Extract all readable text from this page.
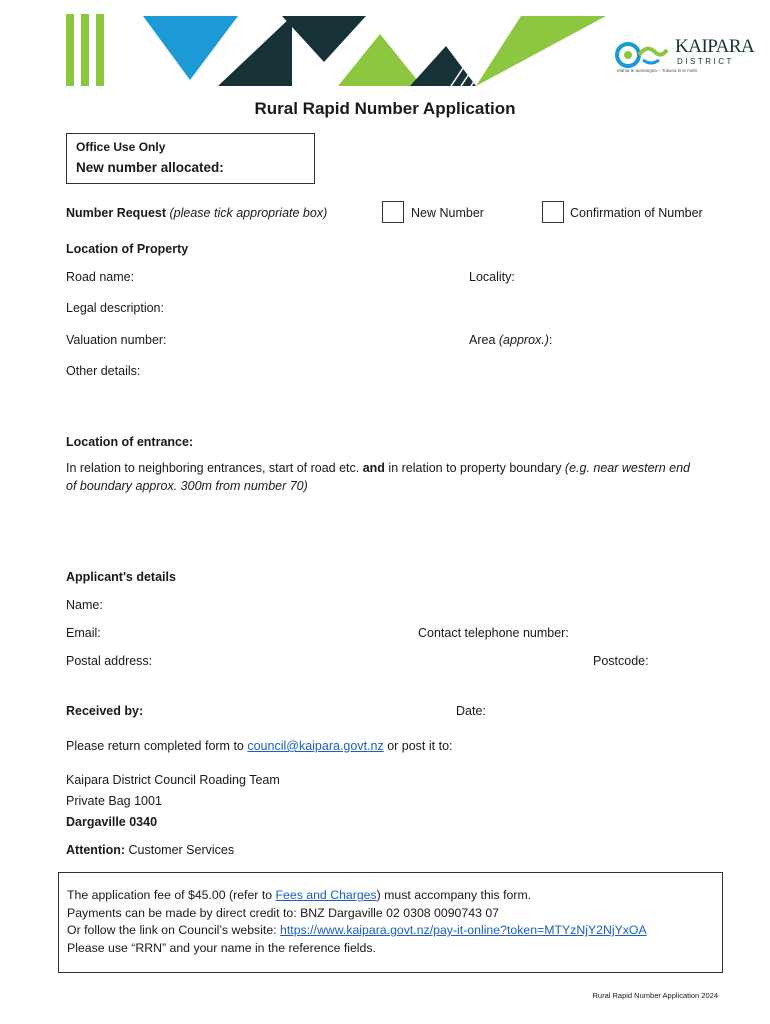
KAIPARA
DISTRICT
Mahia te aumangea – Tukuna ki te mahi
Rural Rapid Number Application
Office Use Only
New number allocated:
Number Request (please tick appropriate box)	New Number	Confirmation of Number
Location of Property
Road name:	Locality:
Legal description:
Valuation number:	Area (approx.):
Other details:
Location of entrance:
In relation to neighboring entrances, start of road etc. and in relation to property boundary (e.g. near western end
of boundary approx. 300m from number 70)
Applicant's details
Name:
Email:	Contact telephone number:
Postal address:	Postcode:
Received by:	Date:
Please return completed form to council@kaipara.govt.nz or post it to:
Kaipara District Council Roading Team
Private Bag 1001
Dargaville 0340
Attention: Customer Services
The application fee of $45.00 (refer to Fees and Charges) must accompany this form.
Payments can be made by direct credit to: BNZ Dargaville 02 0308 0090743 07
Or follow the link on Council’s website: https://www.kaipara.govt.nz/pay-it-online?token=MTYzNjY2NjYxOA
Please use “RRN” and your name in the reference fields.
Rural Rapid Number Application 2024
